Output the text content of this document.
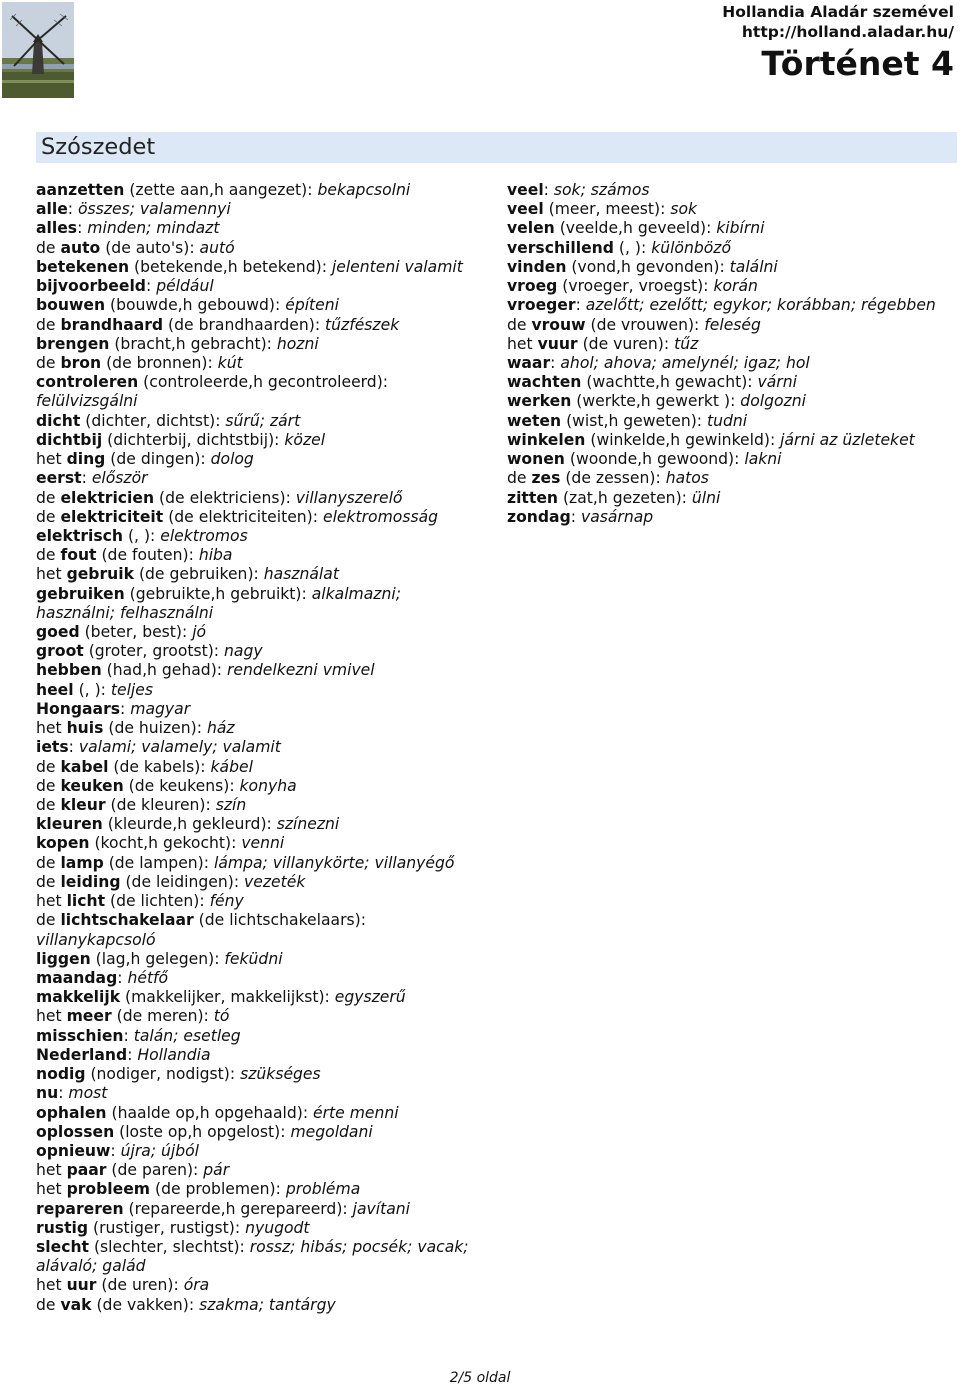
Hollandia Aladár szemével
http://holland.aladar.hu/
Történet 4
Szószedet
aanzetten (zette aan,h aangezet): bekapcsolni
alle: összes; valamennyi
alles: minden; mindazt
de auto (de auto's): autó
betekenen (betekende,h betekend): jelenteni valamit
bijvoorbeeld: például
bouwen (bouwde,h gebouwd): építeni
de brandhaard (de brandhaarden): tűzfészek
brengen (bracht,h gebracht): hozni
de bron (de bronnen): kút
controleren (controleerde,h gecontroleerd): felülvizsgálni
dicht (dichter, dichtst): sűrű; zárt
dichtbij (dichterbij, dichtstbij): közel
het ding (de dingen): dolog
eerst: először
de elektricien (de elektriciens): villanyszerelő
de elektriciteit (de elektriciteiten): elektromosság
elektrisch (, ): elektromos
de fout (de fouten): hiba
het gebruik (de gebruiken): használat
gebruiken (gebruikte,h gebruikt): alkalmazni; használni; felhasználni
goed (beter, best): jó
groot (groter, grootst): nagy
hebben (had,h gehad): rendelkezni vmivel
heel (, ): teljes
Hongaars: magyar
het huis (de huizen): ház
iets: valami; valamely; valamit
de kabel (de kabels): kábel
de keuken (de keukens): konyha
de kleur (de kleuren): szín
kleuren (kleurde,h gekleurd): színezni
kopen (kocht,h gekocht): venni
de lamp (de lampen): lámpa; villanykörte; villanyégő
de leiding (de leidingen): vezeték
het licht (de lichten): fény
de lichtschakelaar (de lichtschakelaars): villanykapcsoló
liggen (lag,h gelegen): feküdni
maandag: hétfő
makkelijk (makkelijker, makkelijkst): egyszerű
het meer (de meren): tó
misschien: talán; esetleg
Nederland: Hollandia
nodig (nodiger, nodigst): szükséges
nu: most
ophalen (haalde op,h opgehaald): érte menni
oplossen (loste op,h opgelost): megoldani
opnieuw: újra; újból
het paar (de paren): pár
het probleem (de problemen): probléma
repareren (repareerde,h gerepareerd): javítani
rustig (rustiger, rustigst): nyugodt
slecht (slechter, slechtst): rossz; hibás; pocsék; vacak; alávaló; galád
het uur (de uren): óra
de vak (de vakken): szakma; tantárgy
veel: sok; számos
veel (meer, meest): sok
velen (veelde,h geveeld): kibírni
verschillend (, ): különböző
vinden (vond,h gevonden): találni
vroeg (vroeger, vroegst): korán
vroeger: azelőtt; ezelőtt; egykor; korábban; régebben
de vrouw (de vrouwen): feleség
het vuur (de vuren): tűz
waar: ahol; ahova; amelynél; igaz; hol
wachten (wachtte,h gewacht): várni
werken (werkte,h gewerkt ): dolgozni
weten (wist,h geweten): tudni
winkelen (winkelde,h gewinkeld): járni az üzleteket
wonen (woonde,h gewoond): lakni
de zes (de zessen): hatos
zitten (zat,h gezeten): ülni
zondag: vasárnap
2/5 oldal
